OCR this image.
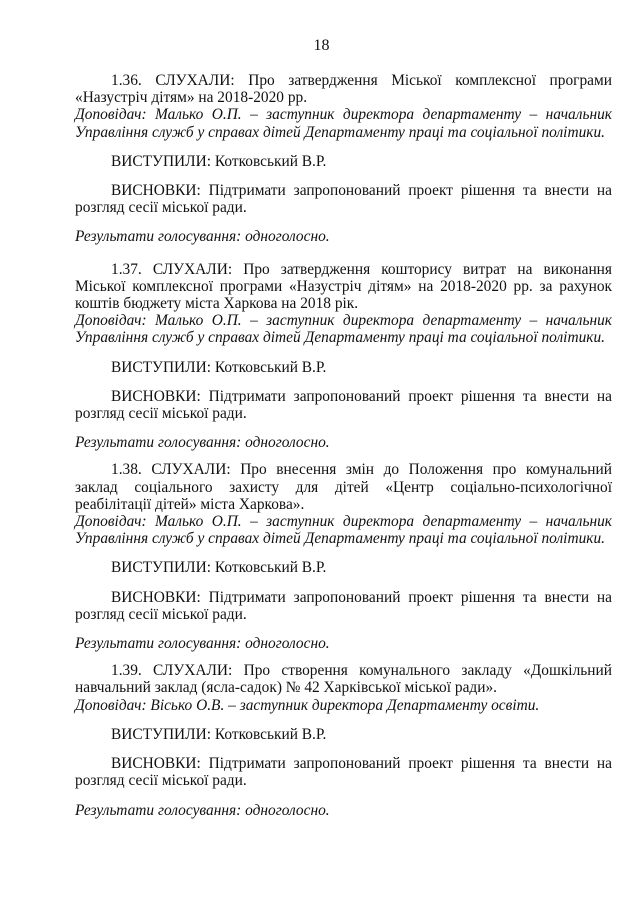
18

1.36. СЛУХАЛИ: Про затвердження Міської комплексної програми «Назустріч дітям» на 2018-2020 рр.

Доповідач: Малько О.П. – заступник директора департаменту – начальник Управління служб у справах дітей Департаменту праці та соціальної політики.

ВИСТУПИЛИ: Котковський В.Р.

ВИСНОВКИ: Підтримати запропонований проект рішення та внести на розгляд сесії міської ради.

Результати голосування: одноголосно.

1.37. СЛУХАЛИ: Про затвердження кошторису витрат на виконання Міської комплексної програми «Назустріч дітям» на 2018-2020 рр. за рахунок коштів бюджету міста Харкова на 2018 рік.

Доповідач: Малько О.П. – заступник директора департаменту – начальник Управління служб у справах дітей Департаменту праці та соціальної політики.

ВИСТУПИЛИ: Котковський В.Р.

ВИСНОВКИ: Підтримати запропонований проект рішення та внести на розгляд сесії міської ради.

Результати голосування: одноголосно.

1.38. СЛУХАЛИ: Про внесення змін до Положення про комунальний заклад соціального захисту для дітей «Центр соціально-психологічної реабілітації дітей» міста Харкова».

Доповідач: Малько О.П. – заступник директора департаменту – начальник Управління служб у справах дітей Департаменту праці та соціальної політики.

ВИСТУПИЛИ: Котковський В.Р.

ВИСНОВКИ: Підтримати запропонований проект рішення та внести на розгляд сесії міської ради.

Результати голосування: одноголосно.

1.39. СЛУХАЛИ: Про створення комунального закладу «Дошкільний навчальний заклад (ясла-садок) № 42 Харківської міської ради».

Доповідач: Вісько О.В. – заступник директора Департаменту освіти.

ВИСТУПИЛИ: Котковський В.Р.

ВИСНОВКИ: Підтримати запропонований проект рішення та внести на розгляд сесії міської ради.

Результати голосування: одноголосно.
